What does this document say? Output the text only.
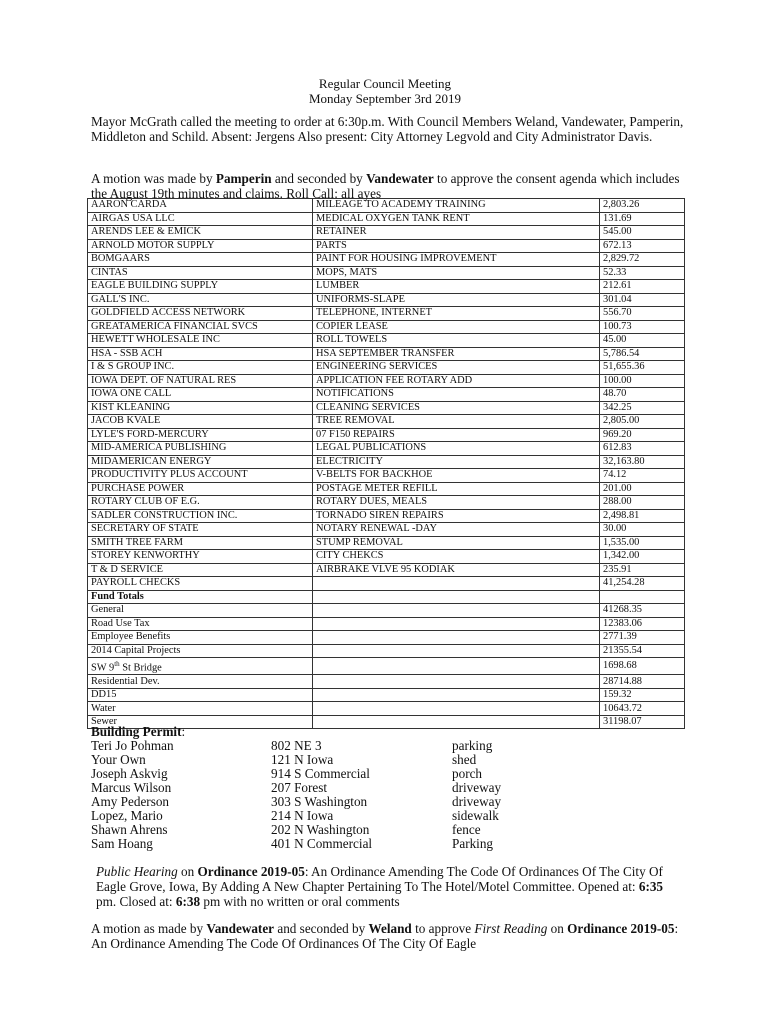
Regular Council Meeting
Monday September 3rd 2019
Mayor McGrath called the meeting to order at 6:30p.m. With Council Members Weland, Vandewater, Pamperin, Middleton and Schild. Absent: Jergens Also present: City Attorney Legvold and City Administrator Davis.
A motion was made by Pamperin and seconded by Vandewater to approve the consent agenda which includes the August 19th minutes and claims. Roll Call: all ayes
AARON CARDA	MILEAGE TO ACADEMY TRAINING	2,803.26
AIRGAS USA LLC	MEDICAL OXYGEN TANK RENT	131.69
ARENDS LEE & EMICK	RETAINER	545.00
ARNOLD MOTOR SUPPLY	PARTS	672.13
BOMGAARS	PAINT FOR HOUSING IMPROVEMENT	2,829.72
CINTAS	MOPS, MATS	52.33
EAGLE BUILDING SUPPLY	LUMBER	212.61
GALL'S INC.	UNIFORMS-SLAPE	301.04
GOLDFIELD ACCESS NETWORK	TELEPHONE, INTERNET	556.70
GREATAMERICA FINANCIAL SVCS	COPIER LEASE	100.73
HEWETT WHOLESALE INC	ROLL TOWELS	45.00
HSA - SSB ACH	HSA SEPTEMBER TRANSFER	5,786.54
I & S GROUP INC.	ENGINEERING SERVICES	51,655.36
IOWA DEPT. OF NATURAL RES	APPLICATION FEE ROTARY ADD	100.00
IOWA ONE CALL	NOTIFICATIONS	48.70
KIST KLEANING	CLEANING SERVICES	342.25
JACOB KVALE	TREE REMOVAL	2,805.00
LYLE'S FORD-MERCURY	07 F150 REPAIRS	969.20
MID-AMERICA PUBLISHING	LEGAL PUBLICATIONS	612.83
MIDAMERICAN ENERGY	ELECTRICITY	32,163.80
PRODUCTIVITY PLUS ACCOUNT	V-BELTS FOR BACKHOE	74.12
PURCHASE POWER	POSTAGE METER REFILL	201.00
ROTARY CLUB OF E.G.	ROTARY DUES, MEALS	288.00
SADLER CONSTRUCTION INC.	TORNADO SIREN REPAIRS	2,498.81
SECRETARY OF STATE	NOTARY RENEWAL -DAY	30.00
SMITH TREE FARM	STUMP REMOVAL	1,535.00
STOREY KENWORTHY	CITY CHEKCS	1,342.00
T & D SERVICE	AIRBRAKE VLVE 95 KODIAK	235.91
PAYROLL CHECKS		41,254.28
Fund Totals		
General		41268.35
Road Use Tax		12383.06
Employee Benefits		2771.39
2014 Capital Projects		21355.54
SW 9th St Bridge		1698.68
Residential Dev.		28714.88
DD15		159.32
Water		10643.72
Sewer		31198.07
Building Permit:
Teri Jo Pohman	802 NE 3	parking
Your Own	121 N Iowa	shed
Joseph Askvig	914 S Commercial	porch
Marcus Wilson	207 Forest	driveway
Amy Pederson	303 S Washington	driveway
Lopez, Mario	214 N Iowa	sidewalk
Shawn Ahrens	202 N Washington	fence
Sam Hoang	401 N Commercial	Parking
Public Hearing on Ordinance 2019-05: An Ordinance Amending The Code Of Ordinances Of The City Of Eagle Grove, Iowa, By Adding A New Chapter Pertaining To The Hotel/Motel Committee. Opened at: 6:35 pm. Closed at: 6:38 pm with no written or oral comments
A motion as made by Vandewater and seconded by Weland to approve First Reading on Ordinance 2019-05: An Ordinance Amending The Code Of Ordinances Of The City Of Eagle
